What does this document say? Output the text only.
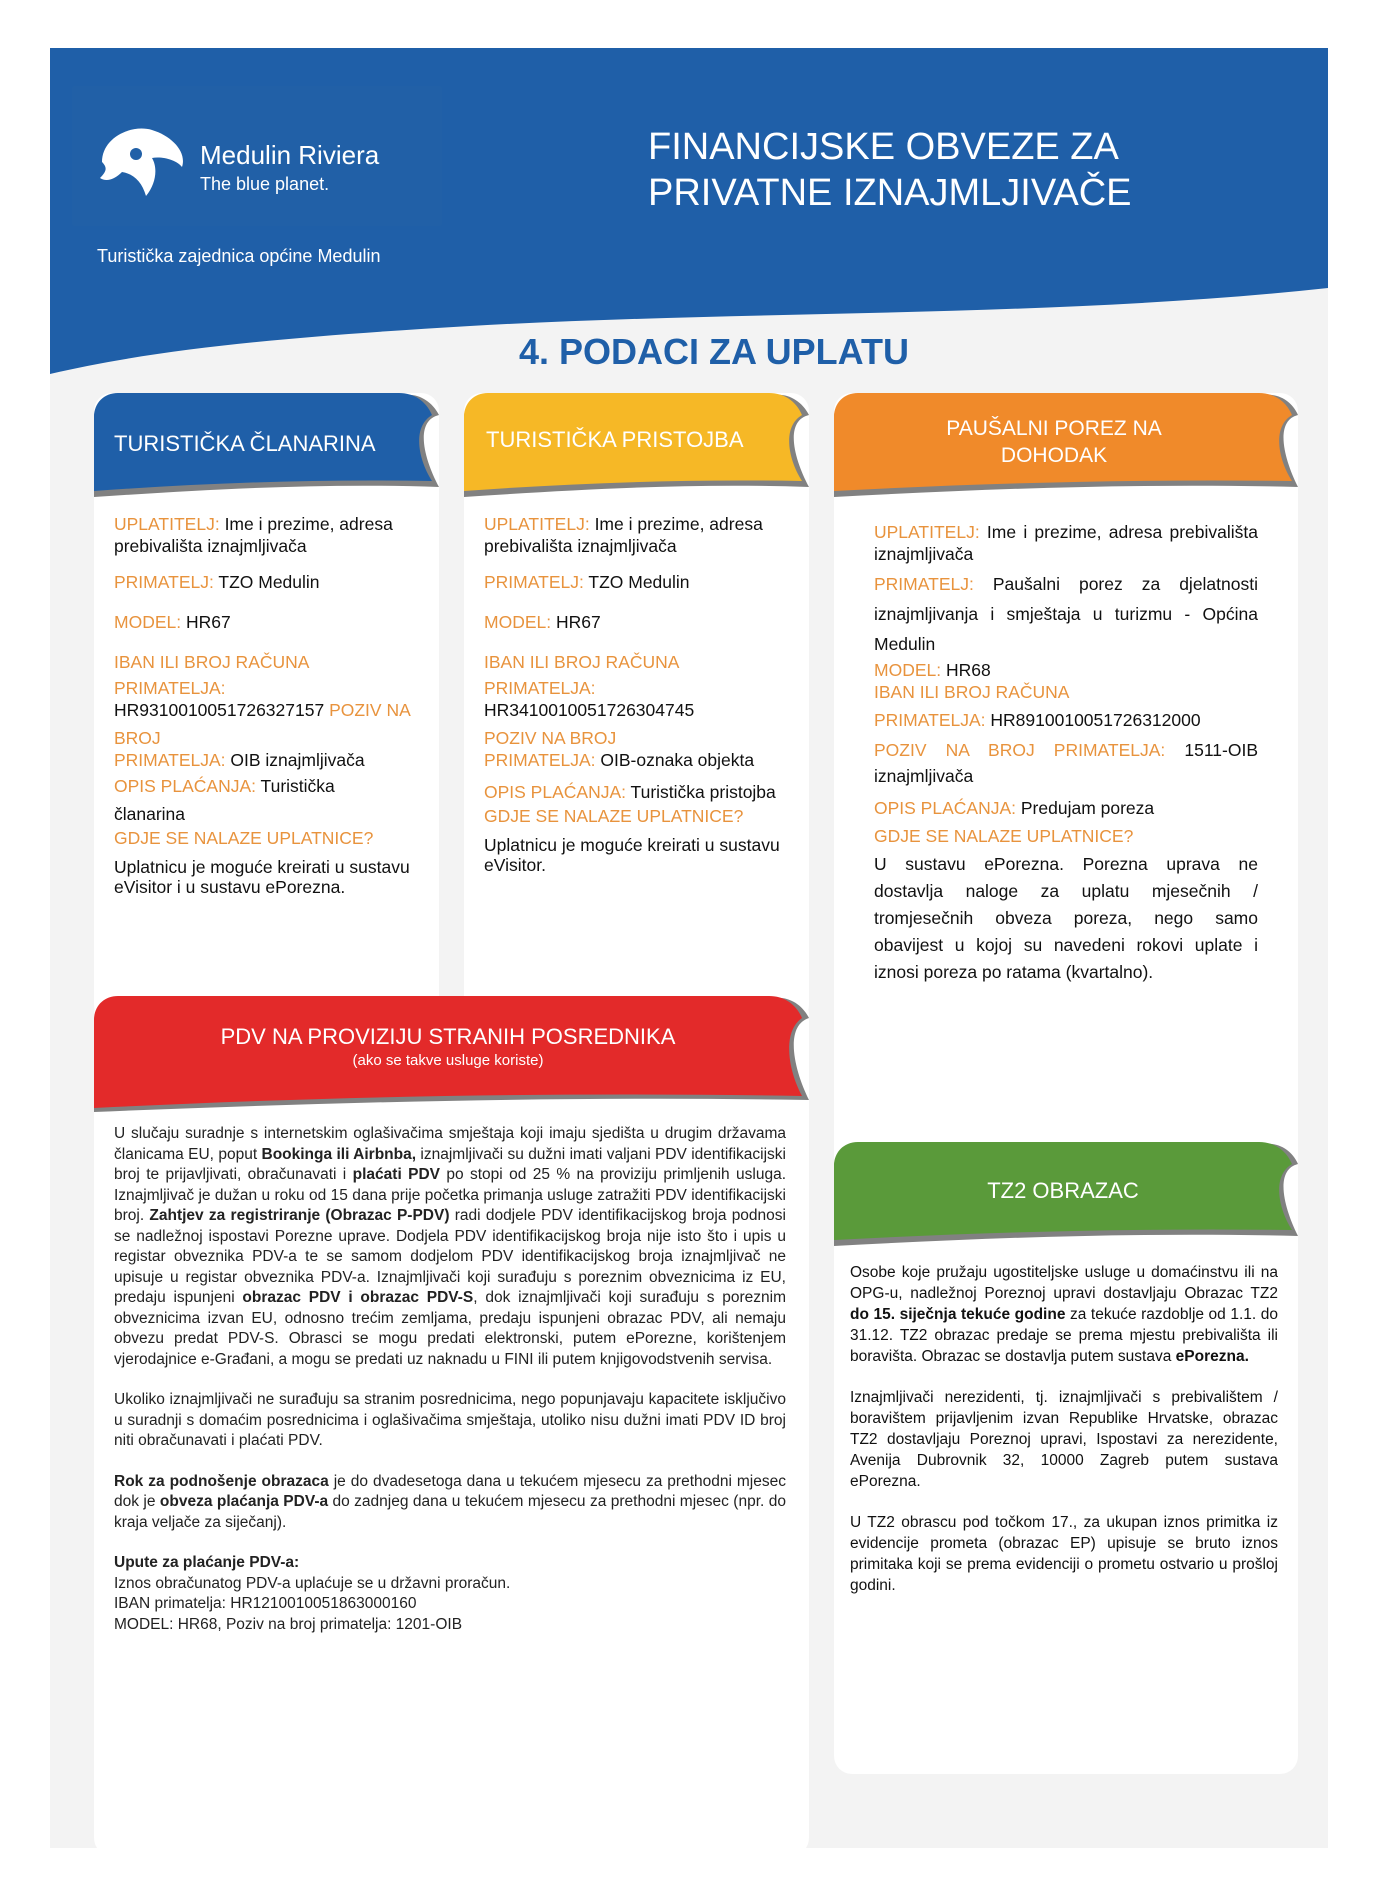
Medulin Riviera
The blue planet.
Turistička zajednica općine Medulin
FINANCIJSKE OBVEZE ZA
PRIVATNE IZNAJMLJIVAČE
4. PODACI ZA UPLATU
TURISTIČKA ČLANARINA
UPLATITELJ: Ime i prezime, adresa prebivališta iznajmljivača
PRIMATELJ: TZO Medulin
MODEL: HR67
IBAN ILI BROJ RAČUNA
PRIMATELJA:
HR9310010051726327157 POZIV NA
BROJ
PRIMATELJA: OIB iznajmljivača
OPIS PLAĆANJA: Turistička
članarina
GDJE SE NALAZE UPLATNICE?
Uplatnicu je moguće kreirati u sustavu eVisitor i u sustavu ePorezna.
TURISTIČKA PRISTOJBA
UPLATITELJ: Ime i prezime, adresa prebivališta iznajmljivača
PRIMATELJ: TZO Medulin
MODEL: HR67
IBAN ILI BROJ RAČUNA
PRIMATELJA:
HR3410010051726304745
POZIV NA BROJ
PRIMATELJA: OIB-oznaka objekta
OPIS PLAĆANJA: Turistička pristojba
GDJE SE NALAZE UPLATNICE?
Uplatnicu je moguće kreirati u sustavu eVisitor.
PAUŠALNI POREZ NA DOHODAK
UPLATITELJ: Ime i prezime, adresa prebivališta iznajmljivača
PRIMATELJ: Paušalni porez za djelatnosti iznajmljivanja i smještaja u turizmu - Općina Medulin
MODEL: HR68
IBAN ILI BROJ RAČUNA
PRIMATELJA: HR8910010051726312000
POZIV NA BROJ PRIMATELJA: 1511-OIB iznajmljivača
OPIS PLAĆANJA: Predujam poreza
GDJE SE NALAZE UPLATNICE?
U sustavu ePorezna. Porezna uprava ne dostavlja naloge za uplatu mjesečnih / tromjesečnih obveza poreza, nego samo obavijest u kojoj su navedeni rokovi uplate i iznosi poreza po ratama (kvartalno).
PDV NA PROVIZIJU STRANIH POSREDNIKA
(ako se takve usluge koriste)

U slučaju suradnje s internetskim oglašivačima smještaja koji imaju sjedišta u drugim državama članicama EU, poput Bookinga ili Airbnba, iznajmljivači su dužni imati valjani PDV identifikacijski broj te prijavljivati, obračunavati i plaćati PDV po stopi od 25 % na proviziju primljenih usluga. Iznajmljivač je dužan u roku od 15 dana prije početka primanja usluge zatražiti PDV identifikacijski broj. Zahtjev za registriranje (Obrazac P-PDV) radi dodjele PDV identifikacijskog broja podnosi se nadležnoj ispostavi Porezne uprave. Dodjela PDV identifikacijskog broja nije isto što i upis u registar obveznika PDV-a te se samom dodjelom PDV identifikacijskog broja iznajmljivač ne upisuje u registar obveznika PDV-a. Iznajmljivači koji surađuju s poreznim obveznicima iz EU, predaju ispunjeni obrazac PDV i obrazac PDV-S, dok iznajmljivači koji surađuju s poreznim obveznicima izvan EU, odnosno trećim zemljama, predaju ispunjeni obrazac PDV, ali nemaju obvezu predat PDV-S. Obrasci se mogu predati elektronski, putem ePorezne, korištenjem vjerodajnice e-Građani, a mogu se predati uz naknadu u FINI ili putem knjigovodstvenih servisa.

Ukoliko iznajmljivači ne surađuju sa stranim posrednicima, nego popunjavaju kapacitete isključivo u suradnji s domaćim posrednicima i oglašivačima smještaja, utoliko nisu dužni imati PDV ID broj niti obračunavati i plaćati PDV.

Rok za podnošenje obrazaca je do dvadesetoga dana u tekućem mjesecu za prethodni mjesec dok je obveza plaćanja PDV-a do zadnjeg dana u tekućem mjesecu za prethodni mjesec (npr. do kraja veljače za siječanj).

Upute za plaćanje PDV-a:
Iznos obračunatog PDV-a uplaćuje se u državni proračun.
IBAN primatelja: HR1210010051863000160
MODEL: HR68, Poziv na broj primatelja: 1201-OIB
TZ2 OBRAZAC

Osobe koje pružaju ugostiteljske usluge u domaćinstvu ili na OPG-u, nadležnoj Poreznoj upravi dostavljaju Obrazac TZ2 do 15. siječnja tekuće godine za tekuće razdoblje od 1.1. do 31.12. TZ2 obrazac predaje se prema mjestu prebivališta ili boravišta. Obrazac se dostavlja putem sustava ePorezna.

Iznajmljivači nerezidenti, tj. iznajmljivači s prebivalištem / boravištem prijavljenim izvan Republike Hrvatske, obrazac TZ2 dostavljaju Poreznoj upravi, Ispostavi za nerezidente, Avenija Dubrovnik 32, 10000 Zagreb putem sustava ePorezna.

U TZ2 obrascu pod točkom 17., za ukupan iznos primitka iz evidencije prometa (obrazac EP) upisuje se bruto iznos primitaka koji se prema evidenciji o prometu ostvario u prošloj godini.
